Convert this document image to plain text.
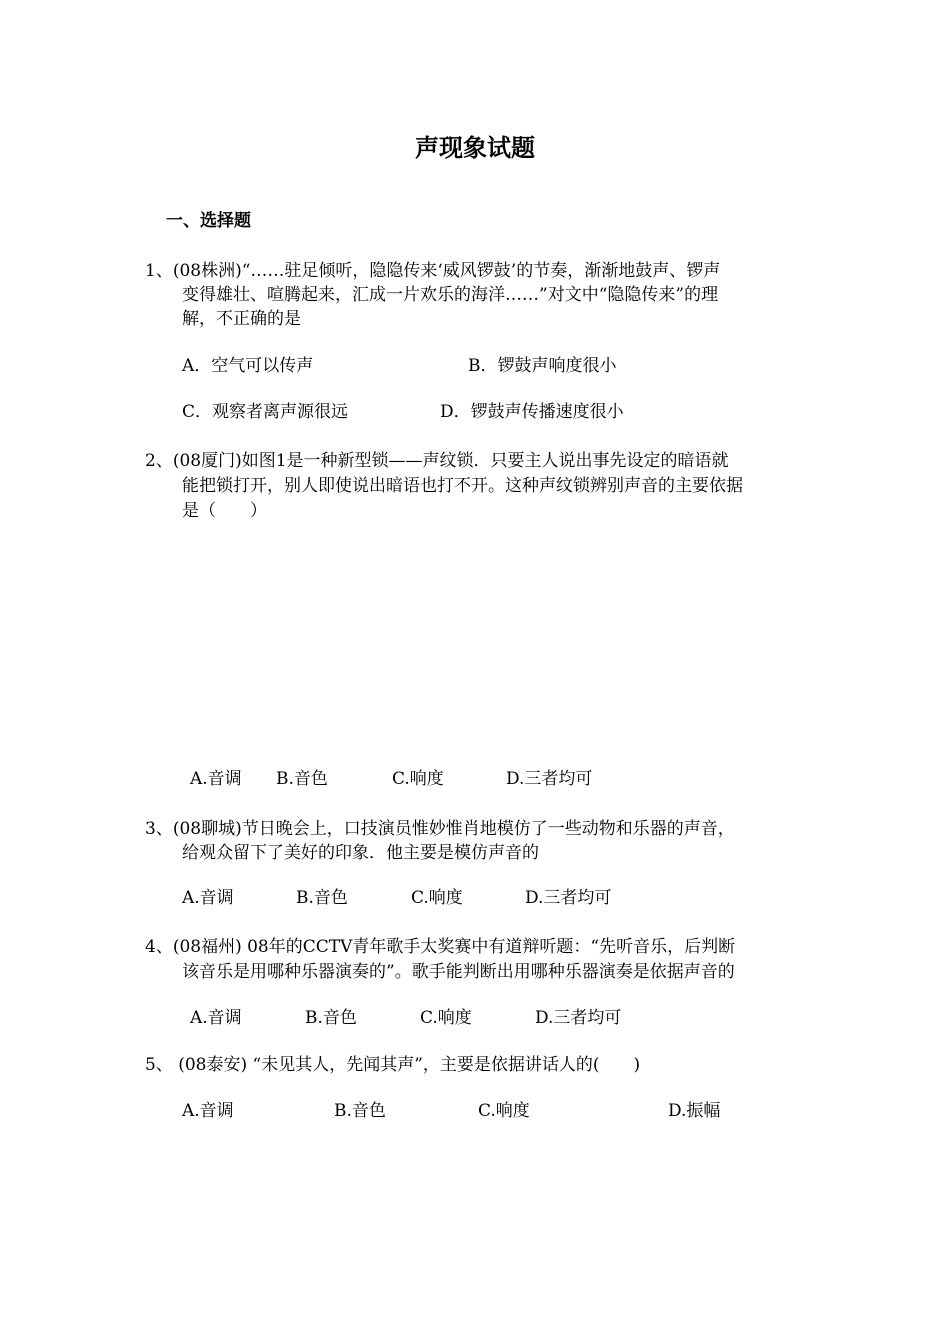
声现象试题
一、选择题
1、(08株洲)“……驻足倾听，隐隐传来‘威风锣鼓’的节奏，渐渐地鼓声、锣声
变得雄壮、喧腾起来，汇成一片欢乐的海洋……”对文中“隐隐传来”的理
解，不正确的是
A．空气可以传声	B．锣鼓声响度很小
C．观察者离声源很远	D．锣鼓声传播速度很小
2、(08厦门)如图1是一种新型锁——声纹锁．只要主人说出事先设定的暗语就
能把锁打开，别人即使说出暗语也打不开。这种声纹锁辨别声音的主要依据
是（　　）
A.音调 B.音色	C.响度	D.三者均可
3、(08聊城)节日晚会上，口技演员惟妙惟肖地模仿了一些动物和乐器的声音，
给观众留下了美好的印象．他主要是模仿声音的
A.音调	B.音色	C.响度	D.三者均可
4、(08福州) 08年的CCTV青年歌手太奖赛中有道辩听题：“先听音乐，后判断
该音乐是用哪种乐器演奏的”。歌手能判断出用哪种乐器演奏是依据声音的
A.音调	B.音色	C.响度	D.三者均可
5、 (08泰安) “未见其人，先闻其声”，主要是依据讲话人的(　　)
A.音调	B.音色	C.响度	D.振幅
